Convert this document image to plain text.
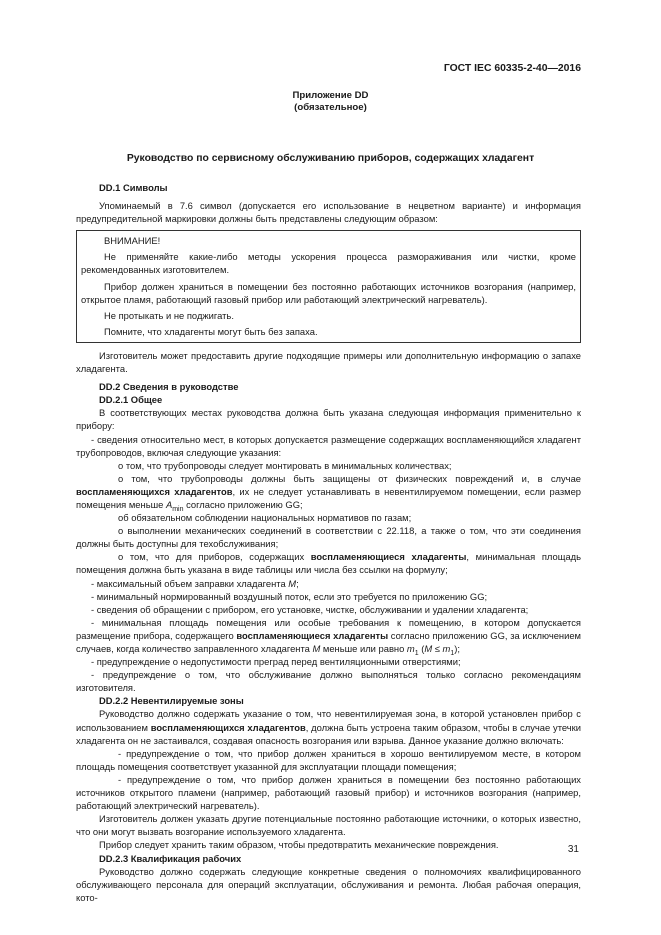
ГОСТ IEC 60335-2-40—2016
Приложение DD
(обязательное)
Руководство по сервисному обслуживанию приборов, содержащих хладагент
DD.1 Символы

Упоминаемый в 7.6 символ (допускается его использование в нецветном варианте) и информация предупредительной маркировки должны быть представлены следующим образом:

ВНИМАНИЕ!

Не применяйте какие-либо методы ускорения процесса размораживания или чистки, кроме рекомендованных изготовителем.

Прибор должен храниться в помещении без постоянно работающих источников возгорания (например, открытое пламя, работающий газовый прибор или работающий электрический нагреватель).

Не протыкать и не поджигать.

Помните, что хладагенты могут быть без запаха.

Изготовитель может предоставить другие подходящие примеры или дополнительную информацию о запахе хладагента.

DD.2 Сведения в руководстве
DD.2.1 Общее

В соответствующих местах руководства должна быть указана следующая информация применительно к прибору:

- сведения относительно мест, в которых допускается размещение содержащих воспламеняющийся хладагент трубопроводов, включая следующие указания:

о том, что трубопроводы следует монтировать в минимальных количествах;

о том, что трубопроводы должны быть защищены от физических повреждений и, в случае воспламеняющихся хладагентов, их не следует устанавливать в невентилируемом помещении, если размер помещения меньше $A_{min}$ согласно приложению GG;

об обязательном соблюдении национальных нормативов по газам;

о выполнении механических соединений в соответствии с 22.118, а также о том, что эти соединения должны быть доступны для техобслуживания;

о том, что для приборов, содержащих воспламеняющиеся хладагенты, минимальная площадь помещения должна быть указана в виде таблицы или числа без ссылки на формулу;

- максимальный объем заправки хладагента M;

- минимальный нормированный воздушный поток, если это требуется по приложению GG;

- сведения об обращении с прибором, его установке, чистке, обслуживании и удалении хладагента;

- минимальная площадь помещения или особые требования к помещению, в котором допускается размещение прибора, содержащего воспламеняющиеся хладагенты согласно приложению GG, за исключением случаев, когда количество заправленного хладагента M меньше или равно $m_1$ $(M \le m_1)$;

- предупреждение о недопустимости преград перед вентиляционными отверстиями;

- предупреждение о том, что обслуживание должно выполняться только согласно рекомендациям изготовителя.

DD.2.2 Невентилируемые зоны

Руководство должно содержать указание о том, что невентилируемая зона, в которой установлен прибор с использованием воспламеняющихся хладагентов, должна быть устроена таким образом, чтобы в случае утечки хладагента он не застаивался, создавая опасность возгорания или взрыва. Данное указание должно включать:

- предупреждение о том, что прибор должен храниться в хорошо вентилируемом месте, в котором площадь помещения соответствует указанной для эксплуатации площади помещения;

- предупреждение о том, что прибор должен храниться в помещении без постоянно работающих источников открытого пламени (например, работающий газовый прибор) и источников возгорания (например, работающий электрический нагреватель).

Изготовитель должен указать другие потенциальные постоянно работающие источники, о которых известно, что они могут вызвать возгорание используемого хладагента.

Прибор следует хранить таким образом, чтобы предотвратить механические повреждения.

DD.2.3 Квалификация рабочих

Руководство должно содержать следующие конкретные сведения о полномочиях квалифицированного обслуживающего персонала для операций эксплуатации, обслуживания и ремонта. Любая рабочая операция, кото-

31
